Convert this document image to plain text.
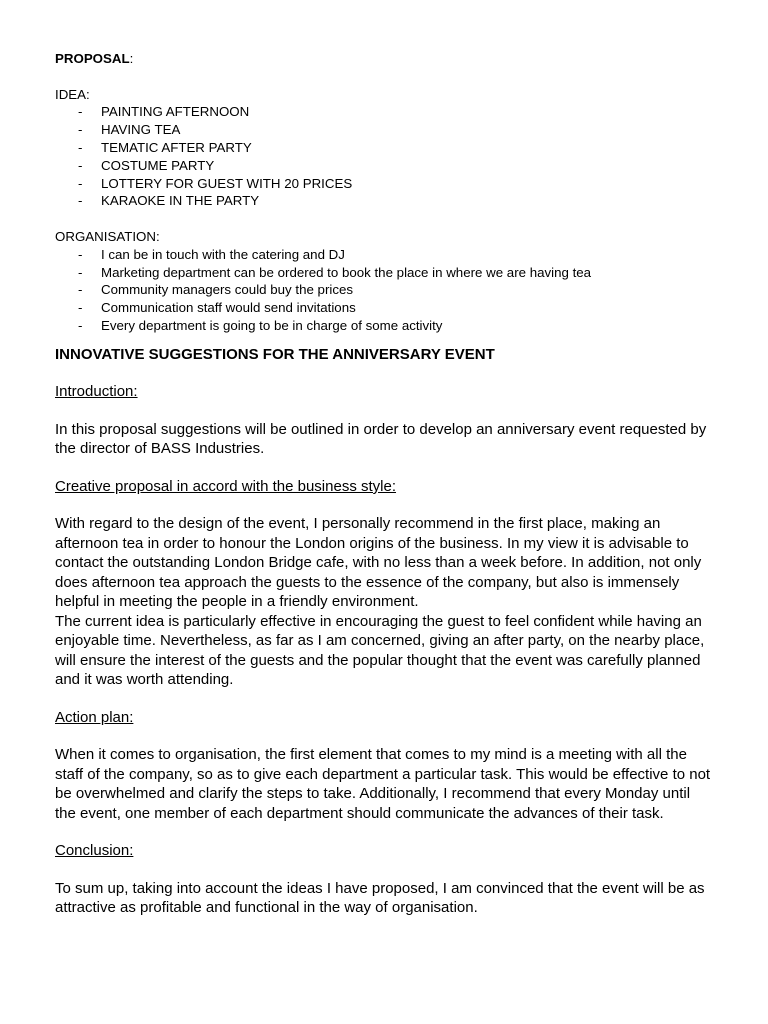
PROPOSAL:
IDEA:
- PAINTING AFTERNOON
- HAVING TEA
- TEMATIC AFTER PARTY
- COSTUME PARTY
- LOTTERY FOR GUEST WITH 20 PRICES
- KARAOKE IN THE PARTY
ORGANISATION:
- I can be in touch with the catering and DJ
- Marketing department can be ordered to book the place in where we are having tea
- Community managers could buy the prices
- Communication staff would send invitations
- Every department is going to be in charge of some activity
INNOVATIVE SUGGESTIONS FOR THE ANNIVERSARY EVENT
Introduction:

In this proposal suggestions will be outlined in order to develop an anniversary event requested by the director of BASS Industries.

Creative proposal in accord with the business style:

With regard to the design of the event, I personally recommend in the first place, making an afternoon tea in order to honour the London origins of the business. In my view it is advisable to contact the outstanding London Bridge cafe, with no less than a week before. In addition, not only does afternoon tea approach the guests to the essence of the company, but also is immensely helpful in meeting the people in a friendly environment.

The current idea is particularly effective in encouraging the guest to feel confident while having an enjoyable time. Nevertheless, as far as I am concerned, giving an after party, on the nearby place, will ensure the interest of the guests and the popular thought that the event was carefully planned and it was worth attending.

Action plan:

When it comes to organisation, the first element that comes to my mind is a meeting with all the staff of the company, so as to give each department a particular task. This would be effective to not be overwhelmed and clarify the steps to take. Additionally, I recommend that every Monday until the event, one member of each department should communicate the advances of their task.

Conclusion:

To sum up, taking into account the ideas I have proposed, I am convinced that the event will be as attractive as profitable and functional in the way of organisation.
